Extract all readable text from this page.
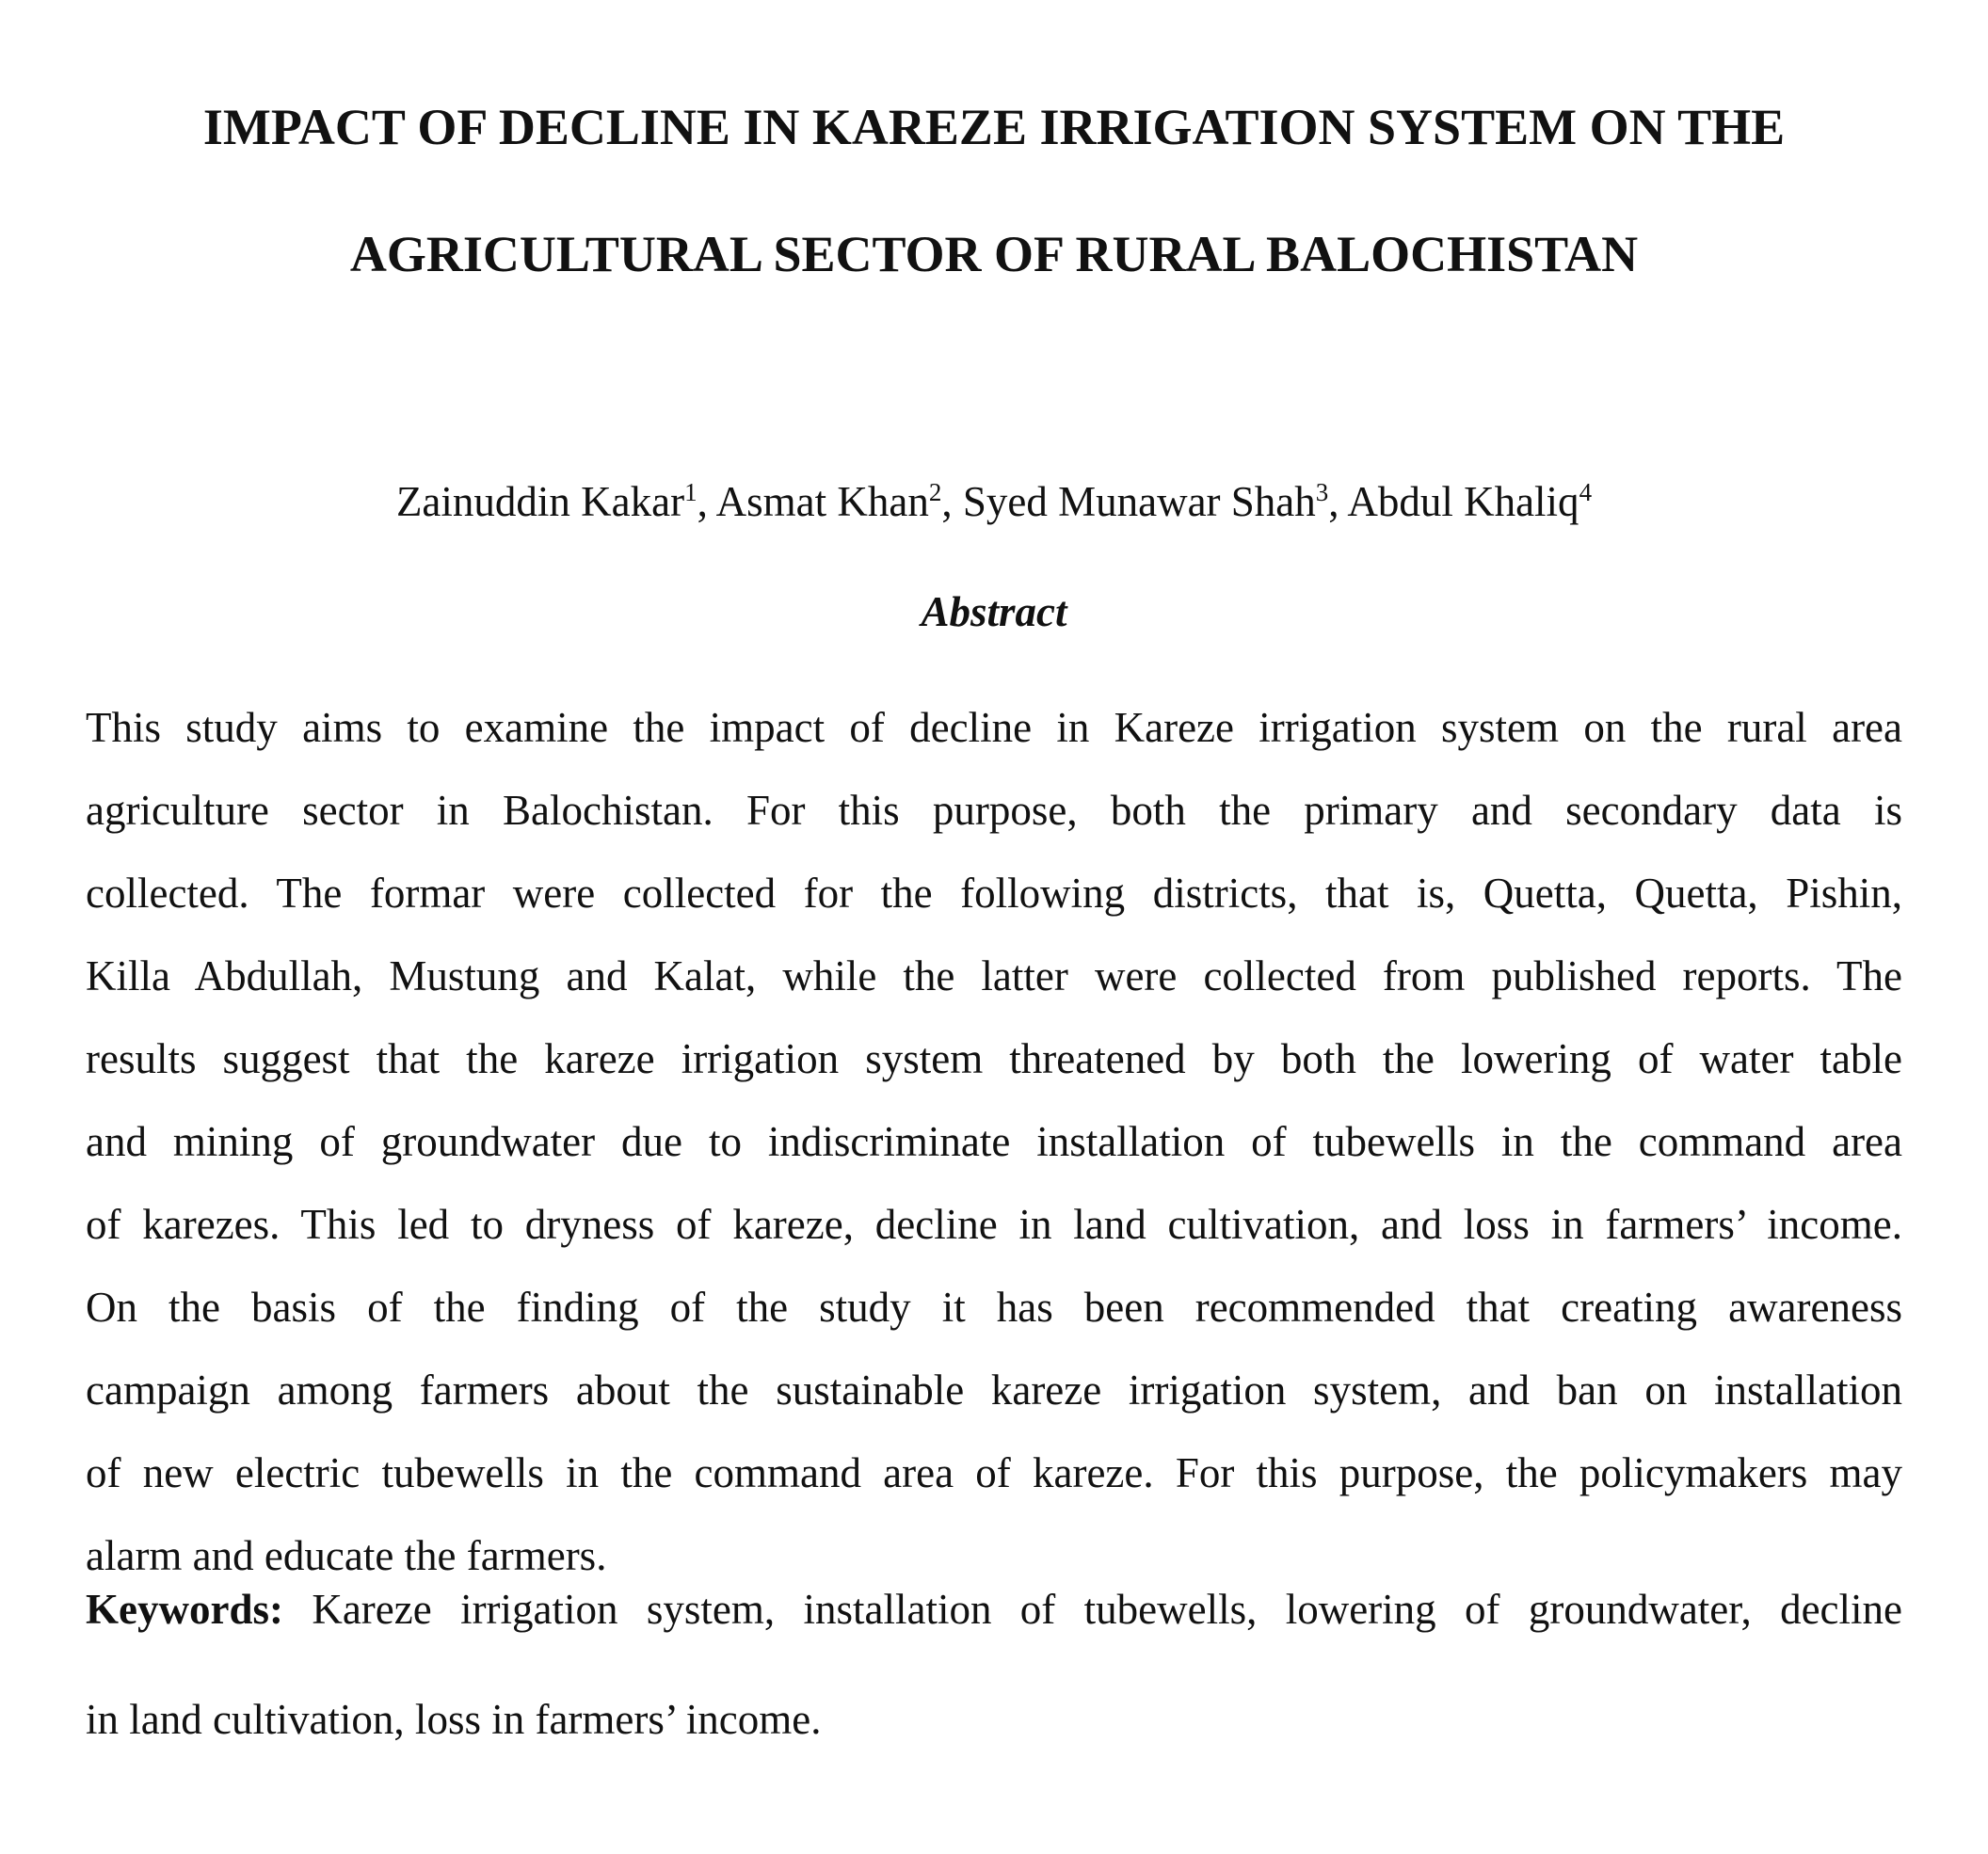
IMPACT OF DECLINE IN KAREZE IRRIGATION SYSTEM ON THE
AGRICULTURAL SECTOR OF RURAL BALOCHISTAN
Zainuddin Kakar$^1$, Asmat Khan$^2$, Syed Munawar Shah$^3$, Abdul Khaliq$^4$
Abstract
This study aims to examine the impact of decline in Kareze irrigation system on the rural area
agriculture sector in Balochistan. For this purpose, both the primary and secondary data is
collected. The formar were collected for the following districts, that is, Quetta, Quetta, Pishin,
Killa Abdullah, Mustung and Kalat, while the latter were collected from published reports. The
results suggest that the kareze irrigation system threatened by both the lowering of water table
and mining of groundwater due to indiscriminate installation of tubewells in the command area
of karezes. This led to dryness of kareze, decline in land cultivation, and loss in farmers’ income.
On the basis of the finding of the study it has been recommended that creating awareness
campaign among farmers about the sustainable kareze irrigation system, and ban on installation
of new electric tubewells in the command area of kareze. For this purpose, the policymakers may
alarm and educate the farmers.
Keywords: Kareze irrigation system, installation of tubewells, lowering of groundwater, decline
in land cultivation, loss in farmers’ income.
